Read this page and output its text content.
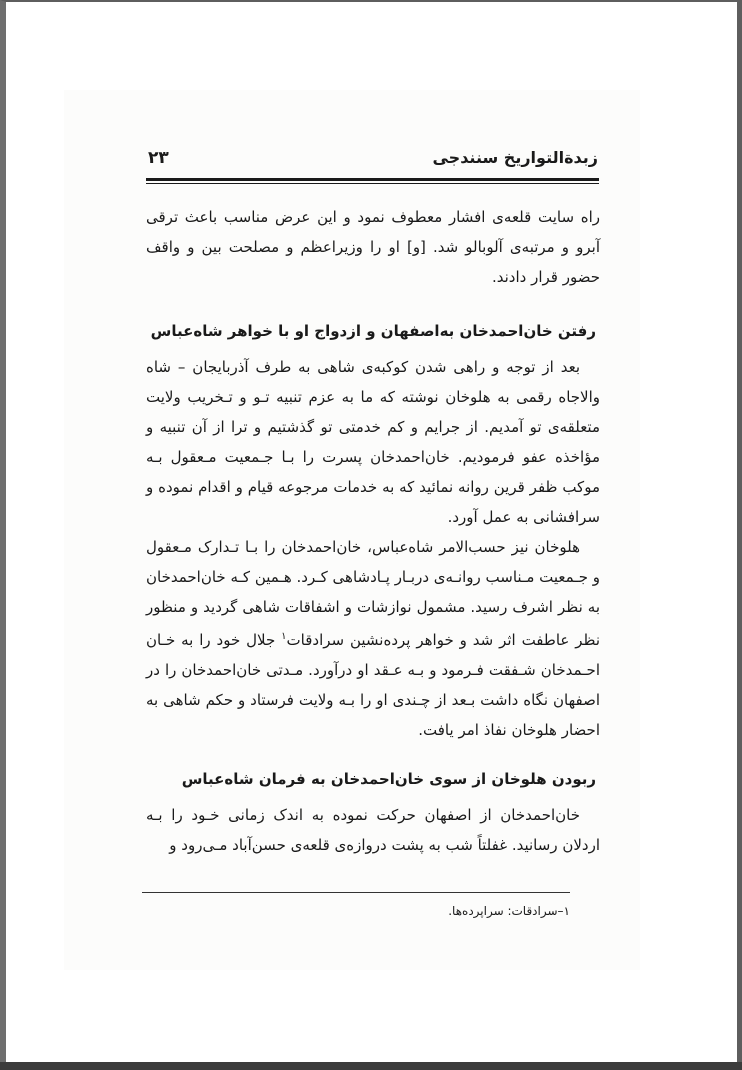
زبدةالتواریخ سنندجی
۲۳

راه سایت قلعه‌ی افشار معطوف نمود و این عرض مناسب باعث ترقی آبرو و مرتبه‌ی آلوبالو شد. [و] او را وزیراعظم و مصلحت بین و واقف حضور قرار دادند.

رفتن خان‌احمدخان به‌اصفهان و ازدواج او با خواهر شاه‌عباس

بعد از توجه و راهی شدن کوکبه‌ی شاهی به طرف آذربایجان – شاه والاجاه رقمی به هلوخان نوشته که ما به عزم تنبیه تـو و تـخریب ولایت متعلقه‌ی تو آمدیم. از جرایم و کم خدمتی تو گذشتیم و ترا از آن تنبیه و مؤاخذه عفو فرمودیم. خان‌احمدخان پسرت را بـا جـمعیت مـعقول بـه موکب ظفر قرین روانه نمائید که به خدمات مرجوعه قیام و اقدام نموده و سرافشانی به عمل آورد.

هلوخان نیز حسب‌الامر شاه‌عباس، خان‌احمدخان را بـا تـدارک مـعقول و جـمعیت مـناسب روانـه‌ی دربـار پـادشاهی کـرد. هـمین کـه خان‌احمدخان به نظر اشرف رسید. مشمول نوازشات و اشفاقات شاهی گردید و منظور نظر عاطفت اثر شد و خواهر پرده‌نشین سرادقات$^۱$ جلال خود را به خـان احـمدخان شـفقت فـرمود و بـه عـقد او درآورد. مـدتی خان‌احمدخان را در اصفهان نگاه داشت بـعد از چـندی او را بـه ولایت فرستاد و حکم شاهی به احضار هلوخان نفاذ امر یافت.

ربودن هلوخان از سوی خان‌احمدخان به فرمان شاه‌عباس

خان‌احمدخان از اصفهان حرکت نموده به اندک زمانی خـود را بـه اردلان رسانید. غفلتاً شب به پشت دروازه‌ی قلعه‌ی حسن‌آباد مـی‌رود و

۱–سرادقات: سراپرده‌ها.
